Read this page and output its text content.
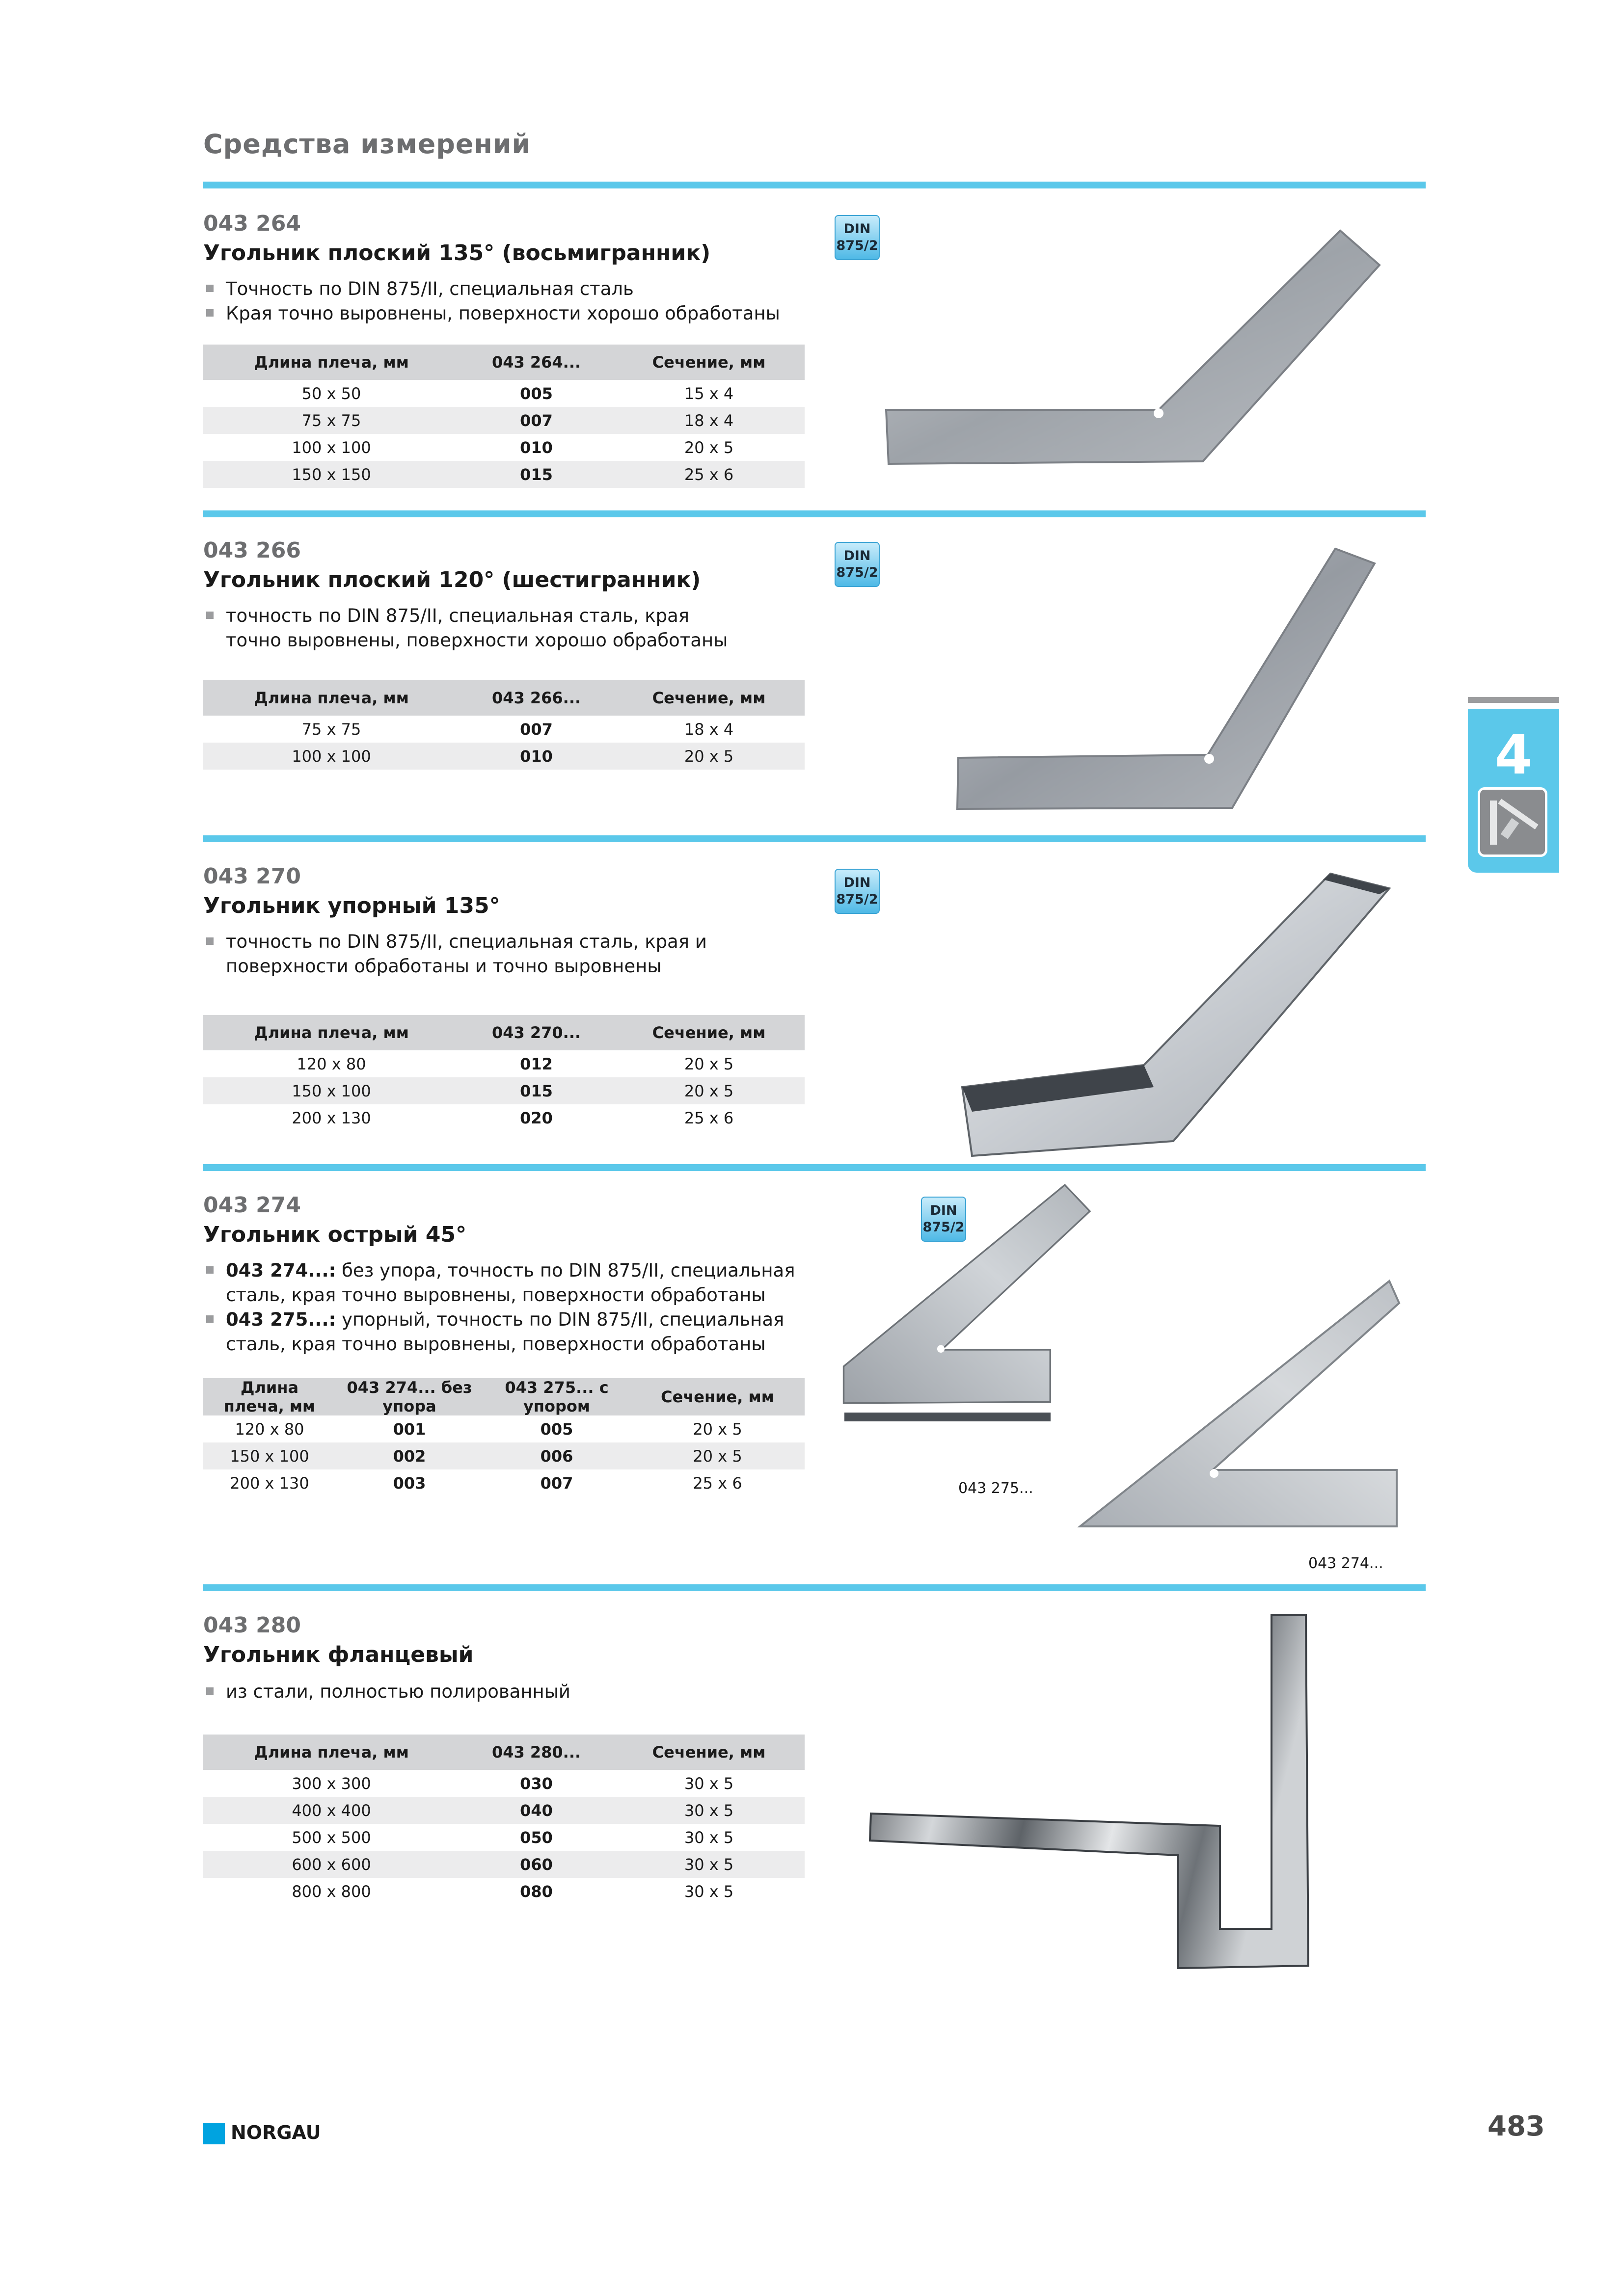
Средства измерений
4
043 264
Угольник плоский 135° (восьмигранник)
Точность по DIN 875/II, специальная сталь
Края точно выровнены, поверхности хорошо обработаны
Длина плеча, мм	043 264...	Сечение, мм
50 x 50	005	15 x 4
75 x 75	007	18 x 4
100 x 100	010	20 x 5
150 x 150	015	25 x 6
DIN
875/2
043 266
Угольник плоский 120° (шестигранник)
точность по DIN 875/II, специальная сталь, края точно выровнены, поверхности хорошо обработаны
Длина плеча, мм	043 266...	Сечение, мм
75 x 75	007	18 x 4
100 x 100	010	20 x 5
DIN
875/2
043 270
Угольник упорный 135°
точность по DIN 875/II, специальная сталь, края и поверхности обработаны и точно выровнены
Длина плеча, мм	043 270...	Сечение, мм
120 x 80	012	20 x 5
150 x 100	015	20 x 5
200 x 130	020	25 x 6
DIN
875/2
043 274
Угольник острый 45°
043 274...: без упора, точность по DIN 875/II, специальная сталь, края точно выровнены, поверхности обработаны
043 275...: упорный, точность по DIN 875/II, специальная сталь, края точно выровнены, поверхности обработаны
Длина плеча, мм	043 274... без упора	043 275... с упором	Сечение, мм
120 x 80	001	005	20 x 5
150 x 100	002	006	20 x 5
200 x 130	003	007	25 x 6
DIN
875/2
043 275...
043 274...
043 280
Угольник фланцевый
из стали, полностью полированный
Длина плеча, мм	043 280...	Сечение, мм
300 x 300	030	30 x 5
400 x 400	040	30 x 5
500 x 500	050	30 x 5
600 x 600	060	30 x 5
800 x 800	080	30 x 5
NORGAU	483
